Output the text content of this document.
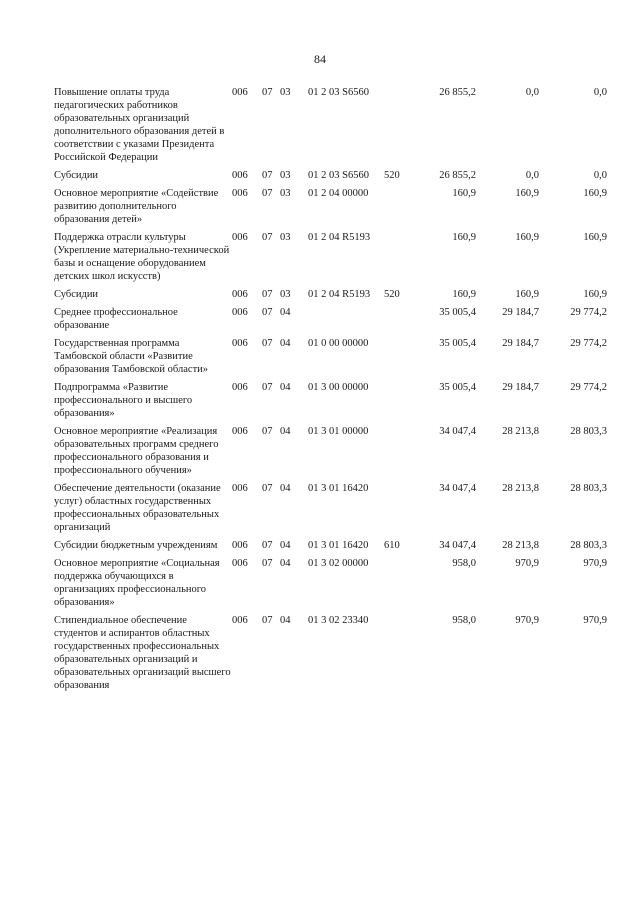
84
Повышение оплаты труда педагогических работников образовательных организаций дополнительного образования детей в соответствии с указами Президента Российской Федерации	006	07	03	01 2 03 S6560		26 855,2	0,0	0,0
Субсидии	006	07	03	01 2 03 S6560	520	26 855,2	0,0	0,0
Основное мероприятие «Содействие развитию дополнительного образования детей»	006	07	03	01 2 04 00000		160,9	160,9	160,9
Поддержка отрасли культуры (Укрепление материально-технической базы и оснащение оборудованием детских школ искусств)	006	07	03	01 2 04 R5193		160,9	160,9	160,9
Субсидии	006	07	03	01 2 04 R5193	520	160,9	160,9	160,9
Среднее профессиональное образование	006	07	04			35 005,4	29 184,7	29 774,2
Государственная программа Тамбовской области «Развитие образования Тамбовской области»	006	07	04	01 0 00 00000		35 005,4	29 184,7	29 774,2
Подпрограмма «Развитие профессионального и высшего образования»	006	07	04	01 3 00 00000		35 005,4	29 184,7	29 774,2
Основное мероприятие «Реализация образовательных программ среднего профессионального образования и профессионального обучения»	006	07	04	01 3 01 00000		34 047,4	28 213,8	28 803,3
Обеспечение деятельности (оказание услуг) областных государственных профессиональных образовательных организаций	006	07	04	01 3 01 16420		34 047,4	28 213,8	28 803,3
Субсидии бюджетным учреждениям	006	07	04	01 3 01 16420	610	34 047,4	28 213,8	28 803,3
Основное мероприятие «Социальная поддержка обучающихся в организациях профессионального образования»	006	07	04	01 3 02 00000		958,0	970,9	970,9
Стипендиальное обеспечение студентов и аспирантов областных государственных профессиональных образовательных организаций и образовательных организаций высшего образования	006	07	04	01 3 02 23340		958,0	970,9	970,9
